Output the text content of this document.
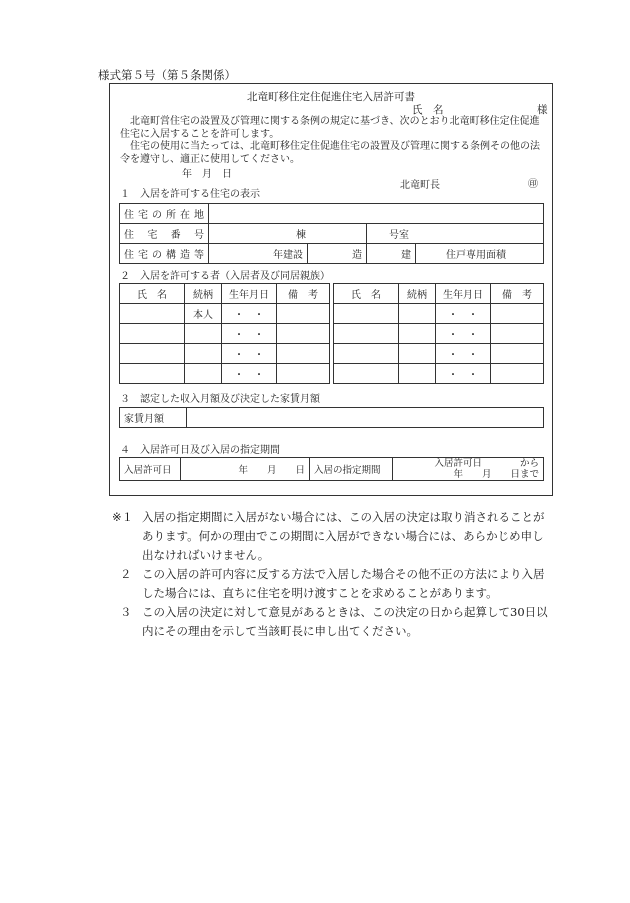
様式第５号（第５条関係）
北竜町移住定住促進住宅入居許可書
氏　名	様
北竜町営住宅の設置及び管理に関する条例の規定に基づき、次のとおり北竜町移住定住促進住宅に入居することを許可します。
住宅の使用に当たっては、北竜町移住定住促進住宅の設置及び管理に関する条例その他の法令を遵守し、適正に使用してください。
年　月　日
北竜町長	㊞
１　入居を許可する住宅の表示
住宅の所在地				
住宅番号	棟		号室	
住宅の構造等	年建設	造	建	住戸専用面積
２　入居を許可する者（入居者及び同居親族）
氏　名	続柄	生年月日	備　考
	本人	・　・	
		・　・	
		・　・	
		・　・	
氏　名	続柄	生年月日	備　考
		・　・	
		・　・	
		・　・	
		・　・	
３　認定した収入月額及び決定した家賃月額
家賃月額	
４　入居許可日及び入居の指定期間
入居許可日	年　　月　　日	入居の指定期間	
入居許可日　　　　から
年　　月　　日まで
※１ 入居の指定期間に入居がない場合には、この入居の決定は取り消されることがあります。何かの理由でこの期間に入居ができない場合には、あらかじめ申し出なければいけません。
２ この入居の許可内容に反する方法で入居した場合その他不正の方法により入居した場合には、直ちに住宅を明け渡すことを求めることがあります。
３ この入居の決定に対して意見があるときは、この決定の日から起算して30日以内にその理由を示して当該町長に申し出てください。
